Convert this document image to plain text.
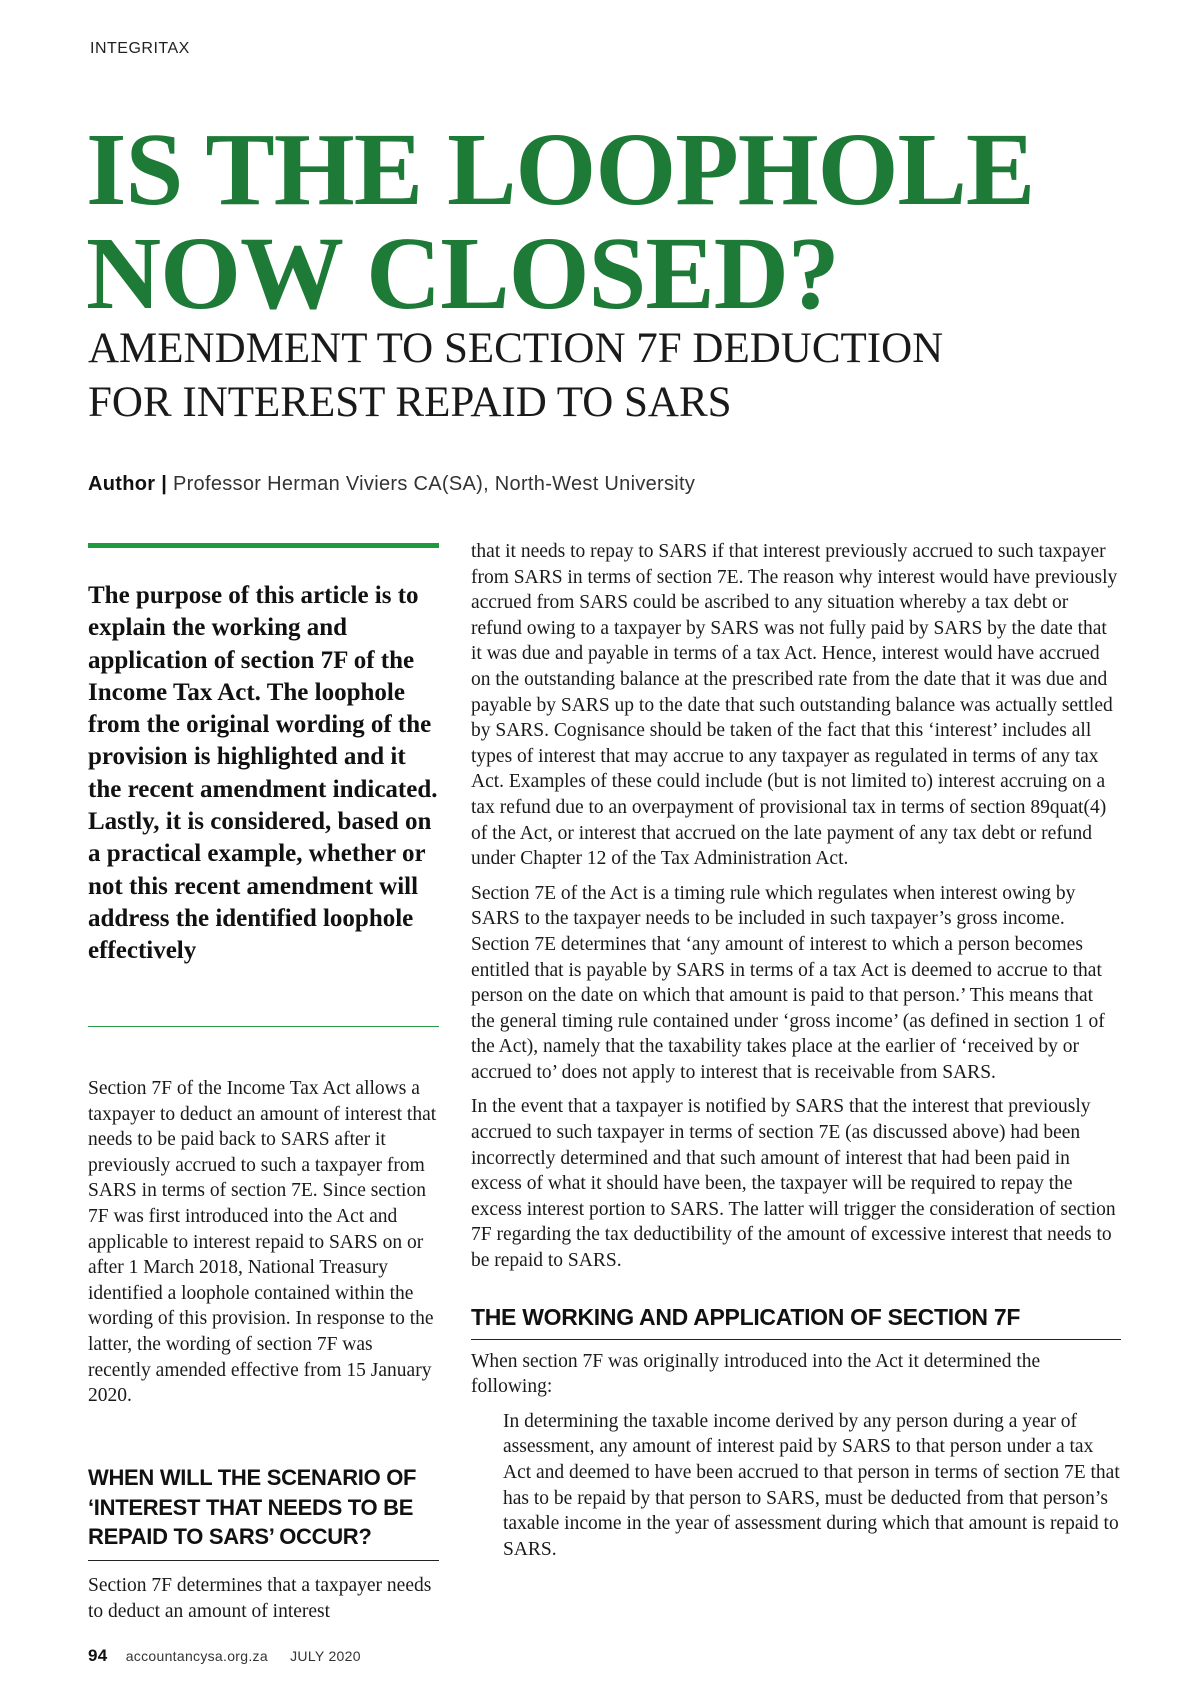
INTEGRITAX
IS THE LOOPHOLE
NOW CLOSED?
AMENDMENT TO SECTION 7F DEDUCTION
FOR INTEREST REPAID TO SARS
Author | Professor Herman Viviers CA(SA), North-West University

The purpose of this article is to explain the working and application of section 7F of the Income Tax Act. The loophole from the original wording of the provision is highlighted and it the recent amendment indicated. Lastly, it is considered, based on a practical example, whether or not this recent amendment will address the identified loophole effectively

Section 7F of the Income Tax Act allows a taxpayer to deduct an amount of interest that needs to be paid back to SARS after it previously accrued to such a taxpayer from SARS in terms of section 7E. Since section 7F was first introduced into the Act and applicable to interest repaid to SARS on or after 1 March 2018, National Treasury identified a loophole contained within the wording of this provision. In response to the latter, the wording of section 7F was recently amended effective from 15 January 2020.

WHEN WILL THE SCENARIO OF ‘INTEREST THAT NEEDS TO BE REPAID TO SARS’ OCCUR?

Section 7F determines that a taxpayer needs to deduct an amount of interest

that it needs to repay to SARS if that interest previously accrued to such taxpayer from SARS in terms of section 7E. The reason why interest would have previously accrued from SARS could be ascribed to any situation whereby a tax debt or refund owing to a taxpayer by SARS was not fully paid by SARS by the date that it was due and payable in terms of a tax Act. Hence, interest would have accrued on the outstanding balance at the prescribed rate from the date that it was due and payable by SARS up to the date that such outstanding balance was actually settled by SARS. Cognisance should be taken of the fact that this ‘interest’ includes all types of interest that may accrue to any taxpayer as regulated in terms of any tax Act. Examples of these could include (but is not limited to) interest accruing on a tax refund due to an overpayment of provisional tax in terms of section 89quat(4) of the Act, or interest that accrued on the late payment of any tax debt or refund under Chapter 12 of the Tax Administration Act.

Section 7E of the Act is a timing rule which regulates when interest owing by SARS to the taxpayer needs to be included in such taxpayer’s gross income. Section 7E determines that ‘any amount of interest to which a person becomes entitled that is payable by SARS in terms of a tax Act is deemed to accrue to that person on the date on which that amount is paid to that person.’ This means that the general timing rule contained under ‘gross income’ (as defined in section 1 of the Act), namely that the taxability takes place at the earlier of ‘received by or accrued to’ does not apply to interest that is receivable from SARS.

In the event that a taxpayer is notified by SARS that the interest that previously accrued to such taxpayer in terms of section 7E (as discussed above) had been incorrectly determined and that such amount of interest that had been paid in excess of what it should have been, the taxpayer will be required to repay the excess interest portion to SARS. The latter will trigger the consideration of section 7F regarding the tax deductibility of the amount of excessive interest that needs to be repaid to SARS.

THE WORKING AND APPLICATION OF SECTION 7F

When section 7F was originally introduced into the Act it determined the following:

In determining the taxable income derived by any person during a year of assessment, any amount of interest paid by SARS to that person under a tax Act and deemed to have been accrued to that person in terms of section 7E that has to be repaid by that person to SARS, must be deducted from that person’s taxable income in the year of assessment during which that amount is repaid to SARS.

94 accountancysa.org.za JULY 2020
